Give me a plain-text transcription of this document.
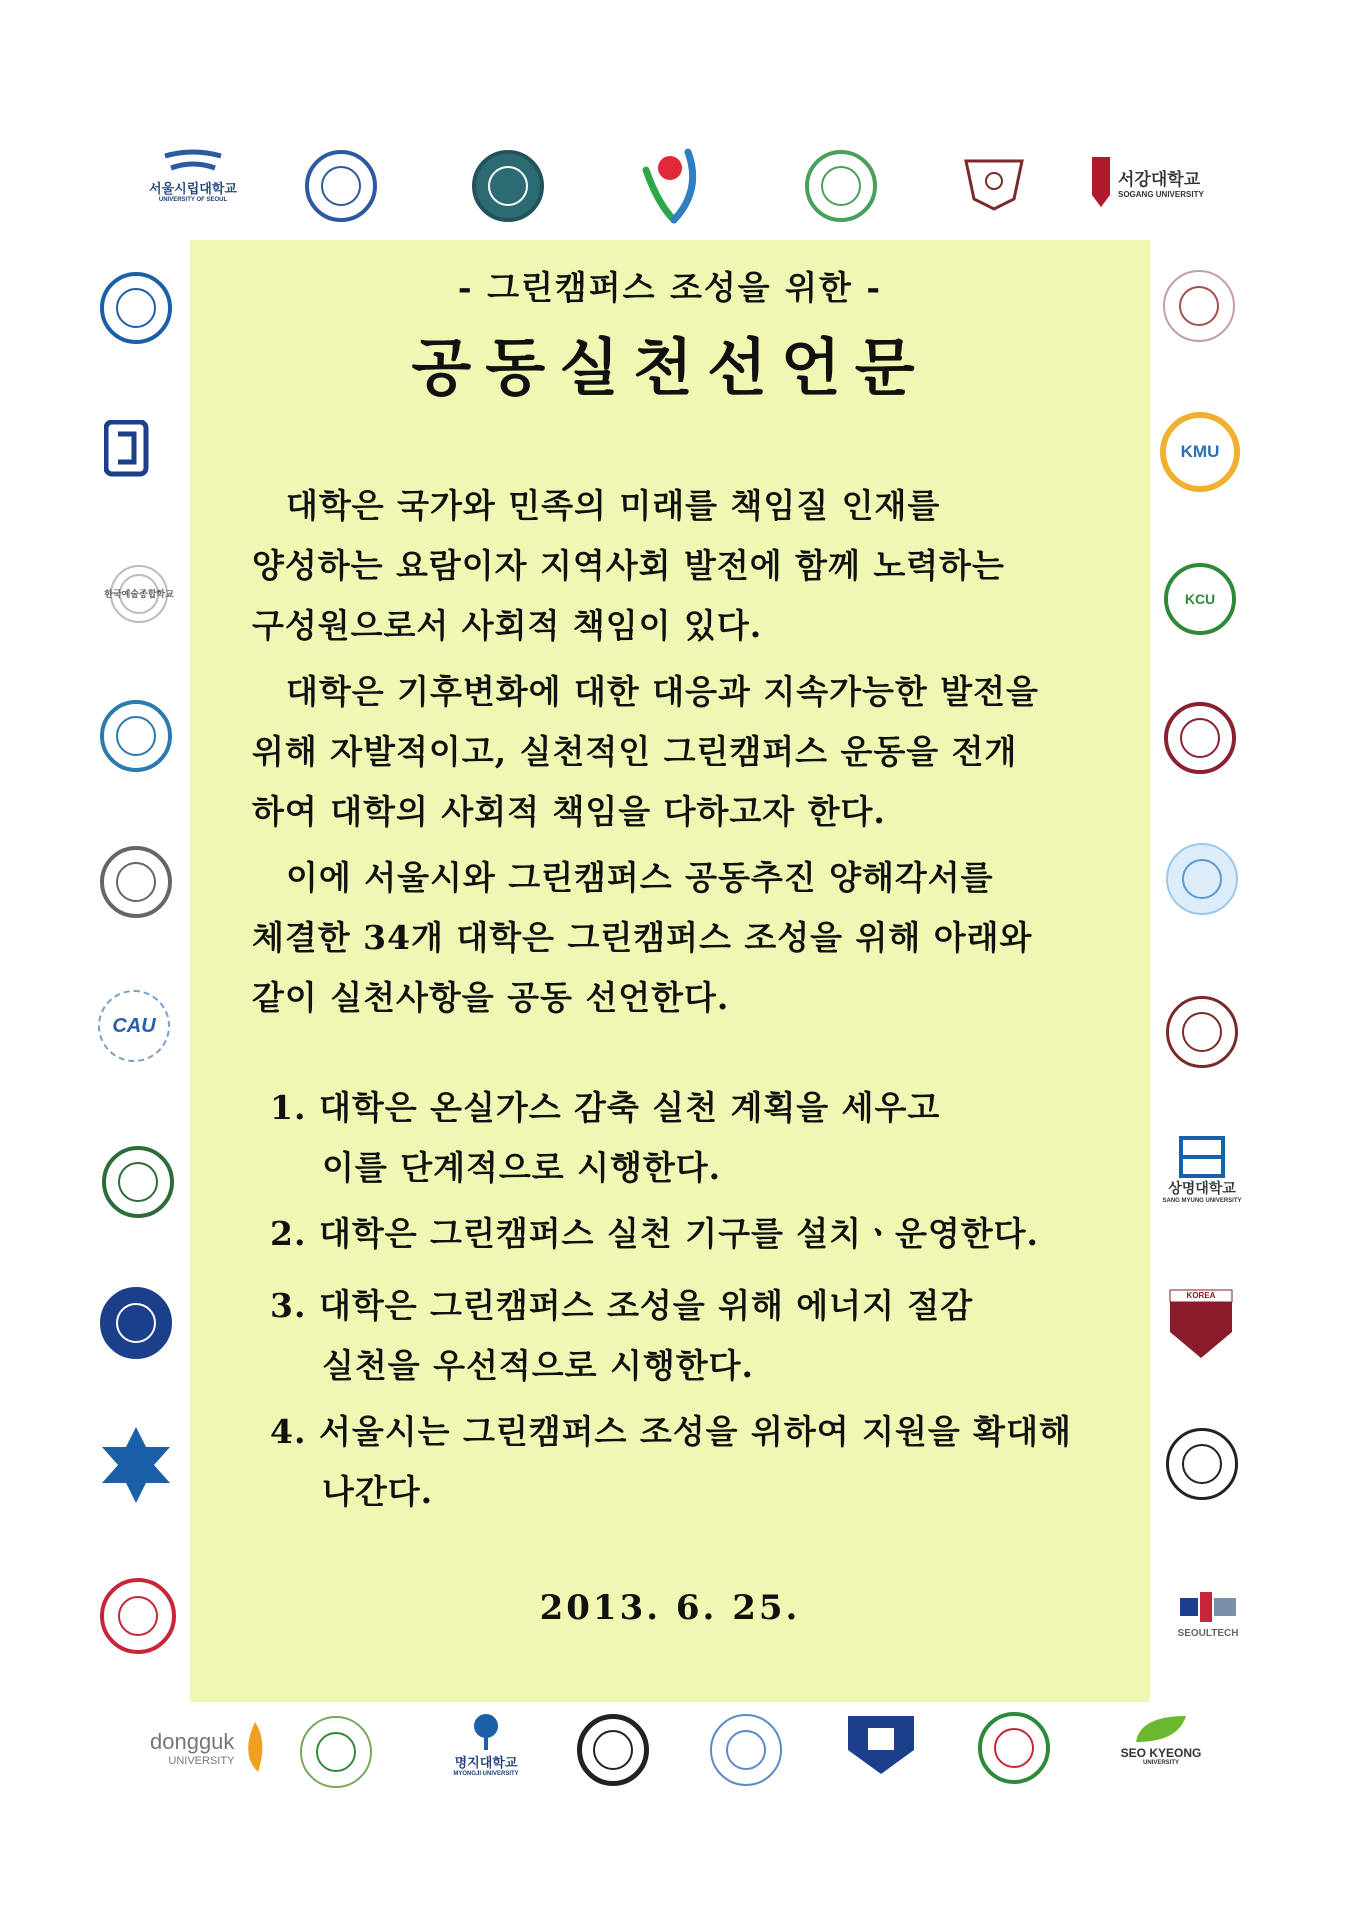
- 그린캠퍼스 조성을 위한 -
공동실천선언문
대학은 국가와 민족의 미래를 책임질 인재를
양성하는 요람이자 지역사회 발전에 함께 노력하는
구성원으로서 사회적 책임이 있다.
대학은 기후변화에 대한 대응과 지속가능한 발전을
위해 자발적이고, 실천적인 그린캠퍼스 운동을 전개
하여 대학의 사회적 책임을 다하고자 한다.
이에 서울시와 그린캠퍼스 공동추진 양해각서를
체결한 34개 대학은 그린캠퍼스 조성을 위해 아래와
같이 실천사항을 공동 선언한다.
1. 대학은 온실가스 감축 실천 계획을 세우고
이를 단계적으로 시행한다.
2. 대학은 그린캠퍼스 실천 기구를 설치ㆍ운영한다.
3. 대학은 그린캠퍼스 조성을 위해 에너지 절감
실천을 우선적으로 시행한다.
4. 서울시는 그린캠퍼스 조성을 위하여 지원을 확대해
나간다.
2013. 6. 25.
서울시립대학교
UNIVERSITY OF SEOUL
서강대학교
SOGANG UNIVERSITY
한국예술종합학교
CAU
KMU
KCU
상명대학교
SANG MYUNG UNIVERSITY
KOREA
SEOULTECH
dongguk
UNIVERSITY	명지대학교
MYONGJI UNIVERSITY
SEO KYEONG
UNIVERSITY
